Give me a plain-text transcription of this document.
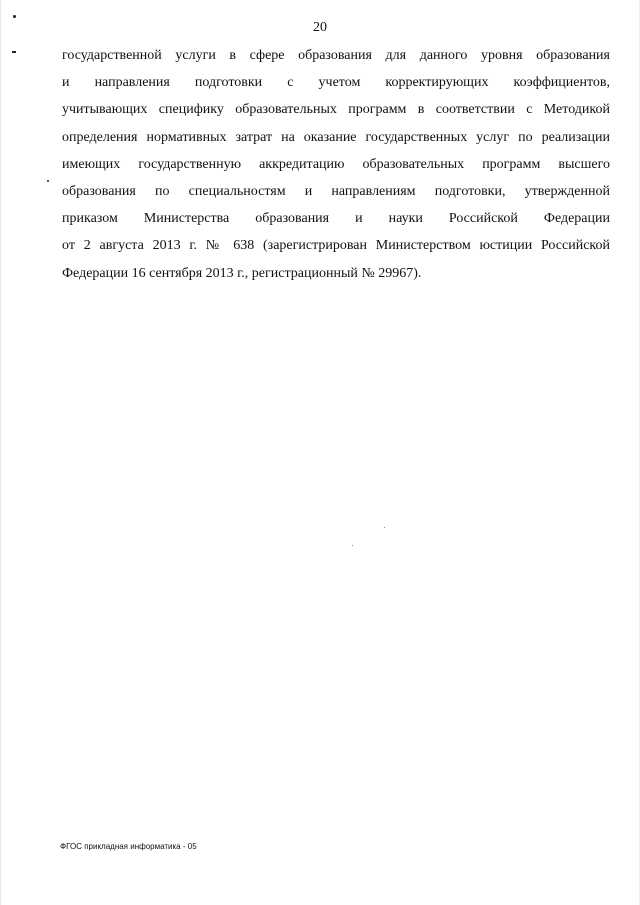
20
государственной услуги в сфере образования для данного уровня образования
и направления подготовки с учетом корректирующих коэффициентов,
учитывающих специфику образовательных программ в соответствии с Методикой
определения нормативных затрат на оказание государственных услуг по реализации
имеющих государственную аккредитацию образовательных программ высшего
образования по специальностям и направлениям подготовки, утвержденной
приказом Министерства образования и науки Российской Федерации
от 2 августа 2013 г. № 638 (зарегистрирован Министерством юстиции Российской
Федерации 16 сентября 2013 г., регистрационный № 29967).
ФГОС прикладная информатика - 05
